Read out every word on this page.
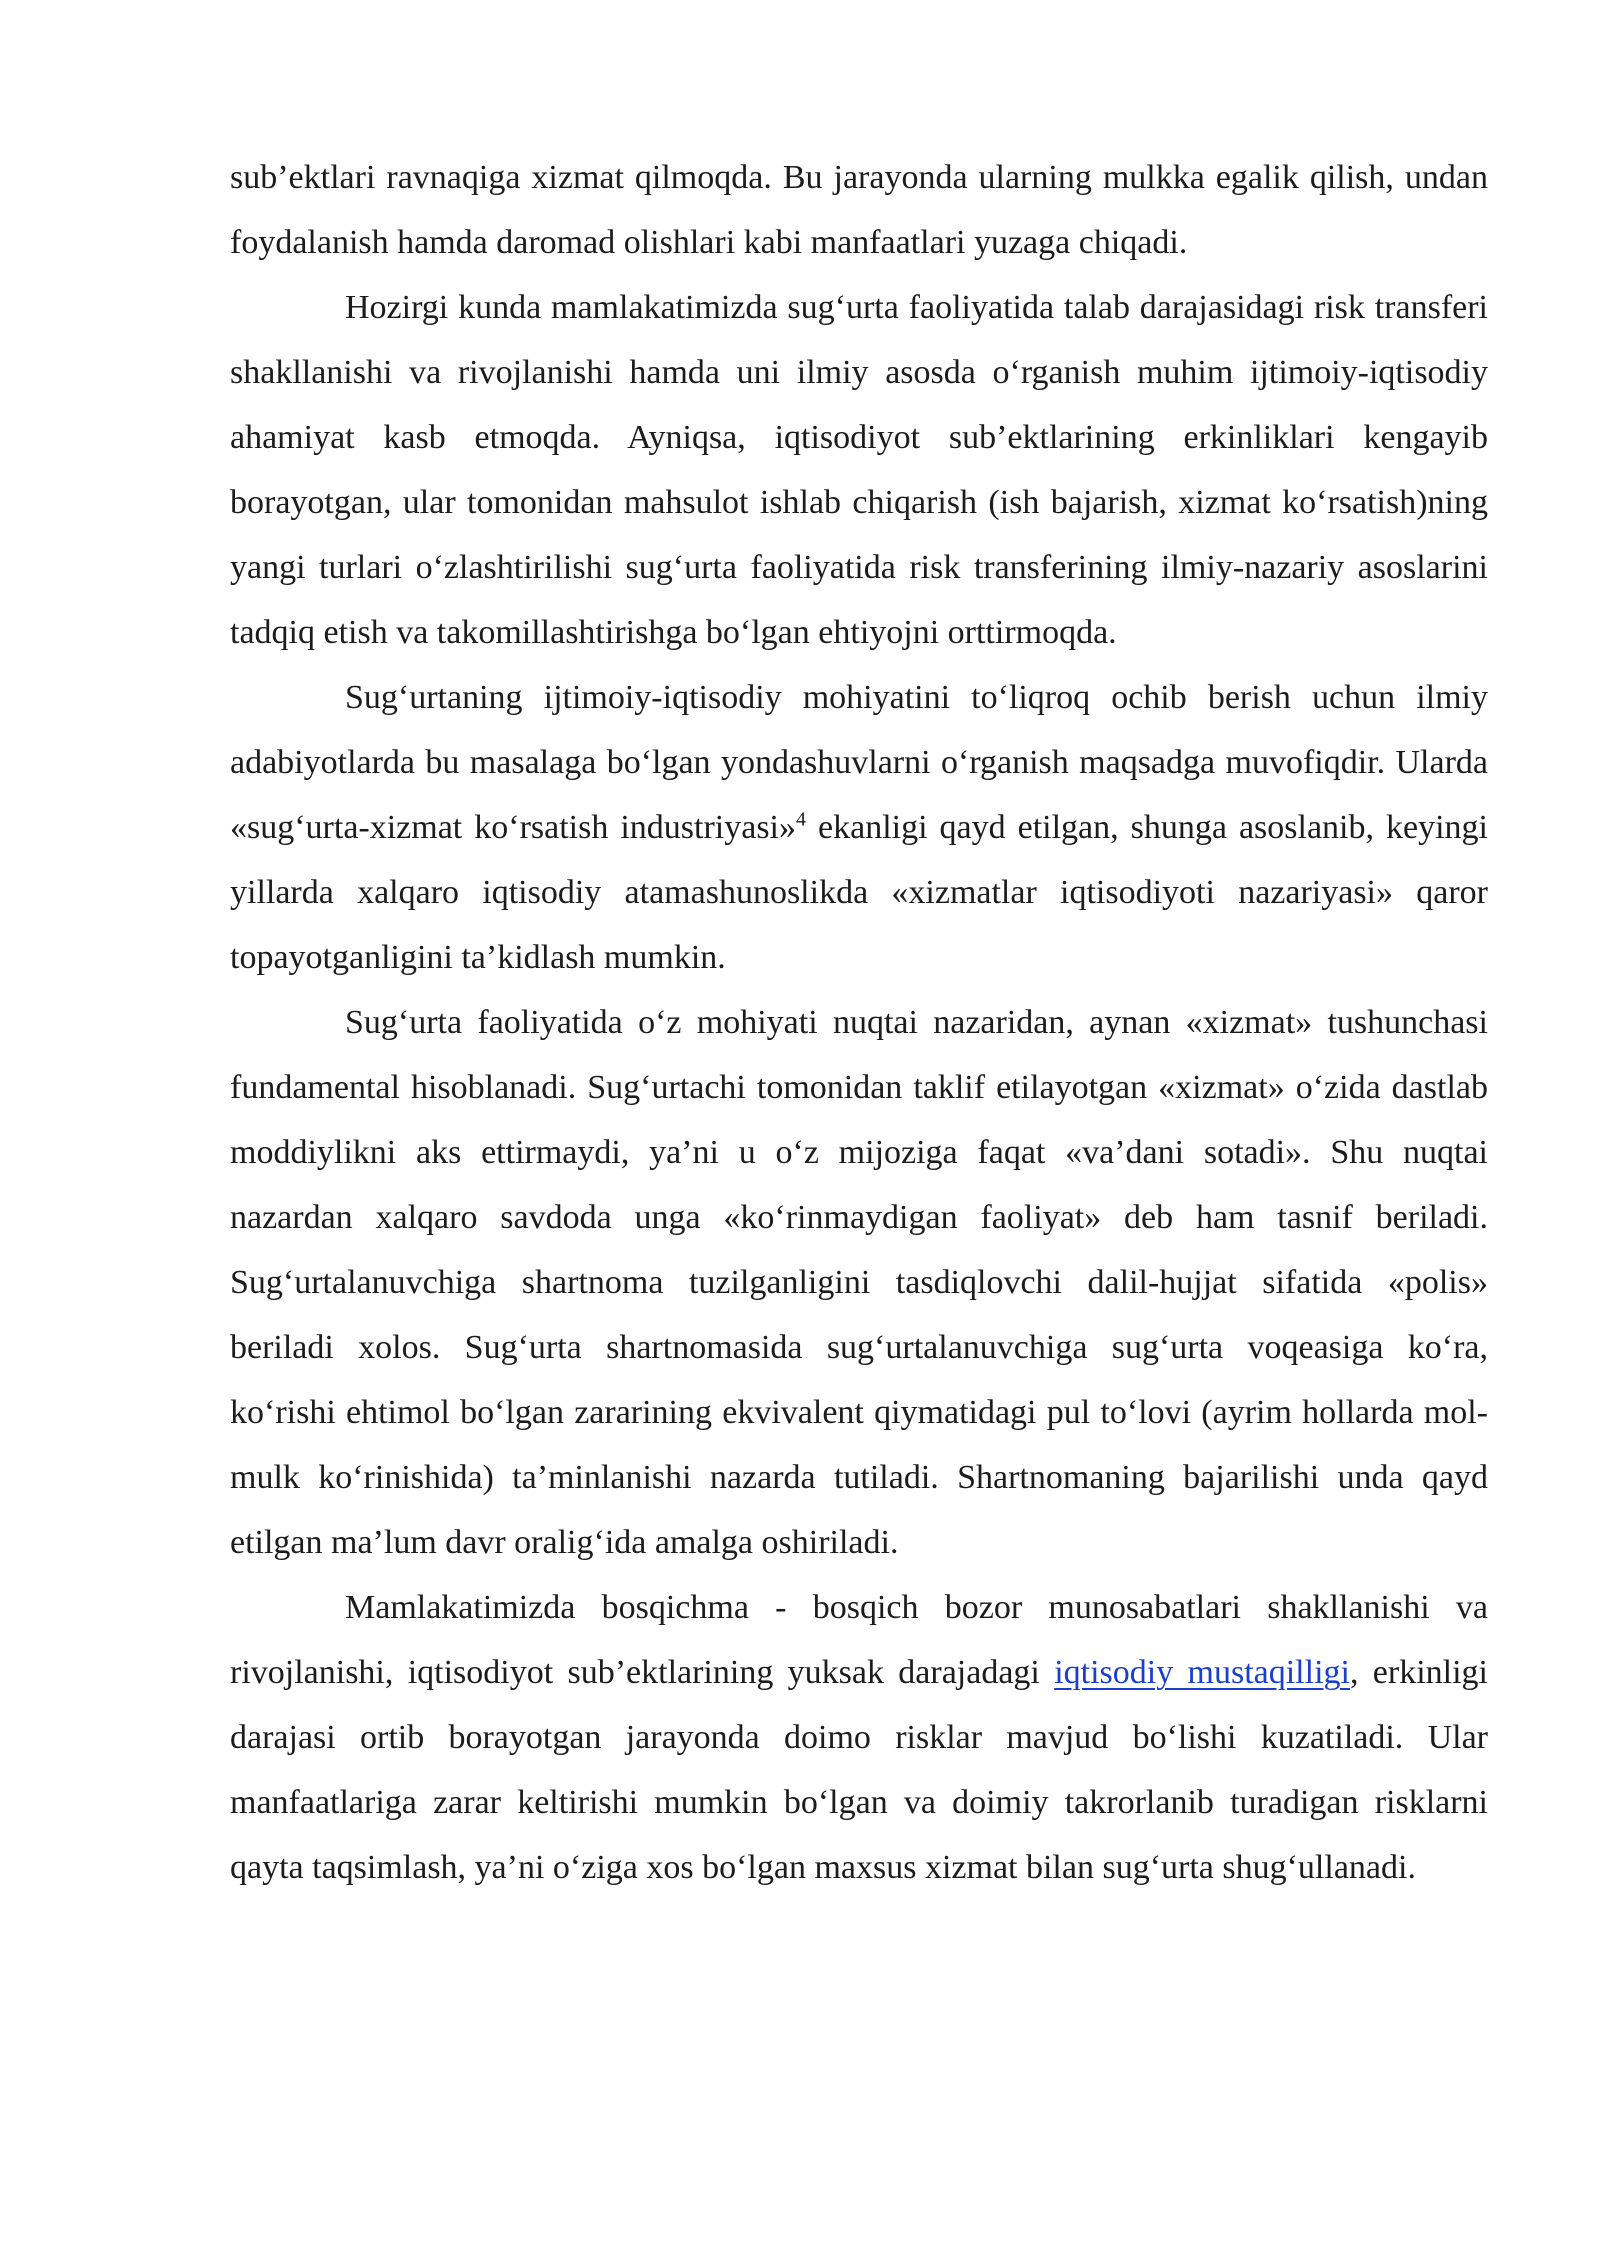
sub’ektlari ravnaqiga xizmat qilmoqda. Bu jarayonda ularning mulkka egalik qilish, undan foydalanish hamda daromad olishlari kabi manfaatlari yuzaga chiqadi.

Hozirgi kunda mamlakatimizda sug‘urta faoliyatida talab darajasidagi risk transferi shakllanishi va rivojlanishi hamda uni ilmiy asosda o‘rganish muhim ijtimoiy-iqtisodiy ahamiyat kasb etmoqda. Ayniqsa, iqtisodiyot sub’ektlarining erkinliklari kengayib borayotgan, ular tomonidan mahsulot ishlab chiqarish (ish bajarish, xizmat ko‘rsatish)ning yangi turlari o‘zlashtirilishi sug‘urta faoliyatida risk transferining ilmiy-nazariy asoslarini tadqiq etish va takomillashtirishga bo‘lgan ehtiyojni orttirmoqda.

Sug‘urtaning ijtimoiy-iqtisodiy mohiyatini to‘liqroq ochib berish uchun ilmiy adabiyotlarda bu masalaga bo‘lgan yondashuvlarni o‘rganish maqsadga muvofiqdir. Ularda «sug‘urta-xizmat ko‘rsatish industriyasi»$^4$ ekanligi qayd etilgan, shunga asoslanib, keyingi yillarda xalqaro iqtisodiy atamashunoslikda «xizmatlar iqtisodiyoti nazariyasi» qaror topayotganligini ta’kidlash mumkin.

Sug‘urta faoliyatida o‘z mohiyati nuqtai nazaridan, aynan «xizmat» tushunchasi fundamental hisoblanadi. Sug‘urtachi tomonidan taklif etilayotgan «xizmat» o‘zida dastlab moddiylikni aks ettirmaydi, ya’ni u o‘z mijoziga faqat «va’dani sotadi». Shu nuqtai nazardan xalqaro savdoda unga «ko‘rinmaydigan faoliyat» deb ham tasnif beriladi. Sug‘urtalanuvchiga shartnoma tuzilganligini tasdiqlovchi dalil-hujjat sifatida «polis» beriladi xolos. Sug‘urta shartnomasida sug‘urtalanuvchiga sug‘urta voqeasiga ko‘ra, ko‘rishi ehtimol bo‘lgan zararining ekvivalent qiymatidagi pul to‘lovi (ayrim hollarda mol-mulk ko‘rinishida) ta’minlanishi nazarda tutiladi. Shartnomaning bajarilishi unda qayd etilgan ma’lum davr oralig‘ida amalga oshiriladi.

Mamlakatimizda bosqichma - bosqich bozor munosabatlari shakllanishi va rivojlanishi, iqtisodiyot sub’ektlarining yuksak darajadagi iqtisodiy mustaqilligi, erkinligi darajasi ortib borayotgan jarayonda doimo risklar mavjud bo‘lishi kuzatiladi. Ular manfaatlariga zarar keltirishi mumkin bo‘lgan va doimiy takrorlanib turadigan risklarni qayta taqsimlash, ya’ni o‘ziga xos bo‘lgan maxsus xizmat bilan sug‘urta shug‘ullanadi.
